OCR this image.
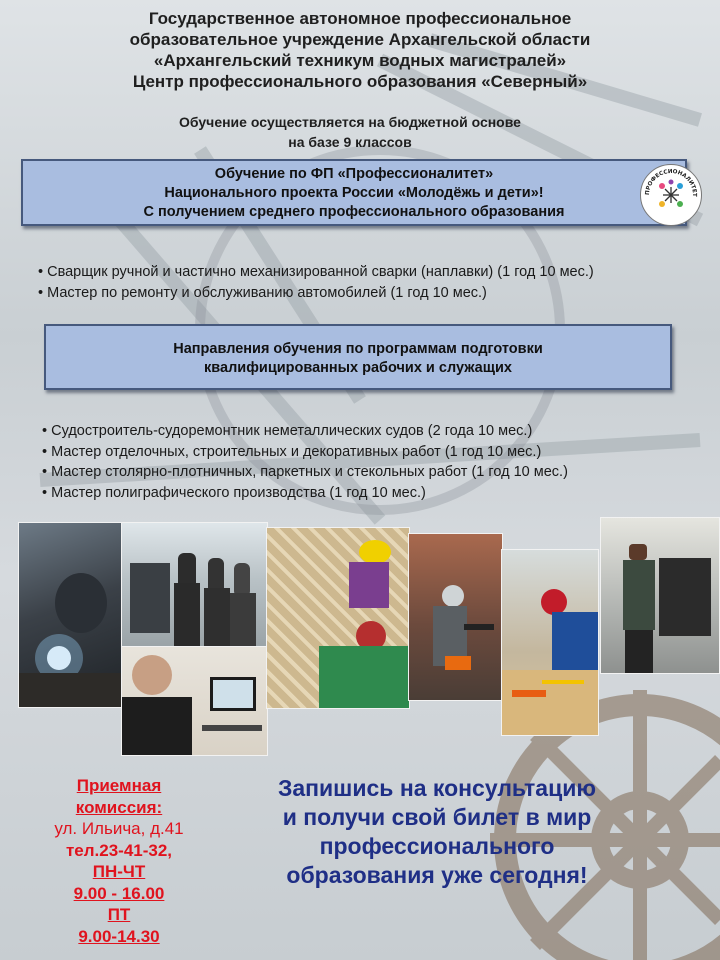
Государственное автономное профессиональное
образовательное учреждение Архангельской области
«Архангельский техникум водных магистралей»
Центр профессионального образования «Северный»
Обучение осуществляется на бюджетной основе
на базе 9 классов
Обучение по ФП «Профессионалитет»
Национального проекта России «Молодёжь и дети»!
С получением среднего профессионального образования
ПРОФЕССИОНАЛИТЕТ
• Сварщик ручной и частично механизированной сварки (наплавки) (1 год 10 мес.)
• Мастер по ремонту и обслуживанию автомобилей (1 год 10 мес.)
Направления обучения по программам подготовки
квалифицированных рабочих и служащих
• Судостроитель-судоремонтник неметаллических судов (2 года 10 мес.)
• Мастер отделочных, строительных и декоративных работ (1 год 10 мес.)
• Мастер столярно-плотничных, паркетных и стекольных работ (1 год 10 мес.)
• Мастер полиграфического производства (1 год 10 мес.)
Приемная
комиссия:
ул. Ильича, д.41
тел.23-41-32,
ПН-ЧТ
9.00 - 16.00
ПТ
9.00-14.30
Запишись на консультацию
и получи свой билет в мир
профессионального
образования уже сегодня!
